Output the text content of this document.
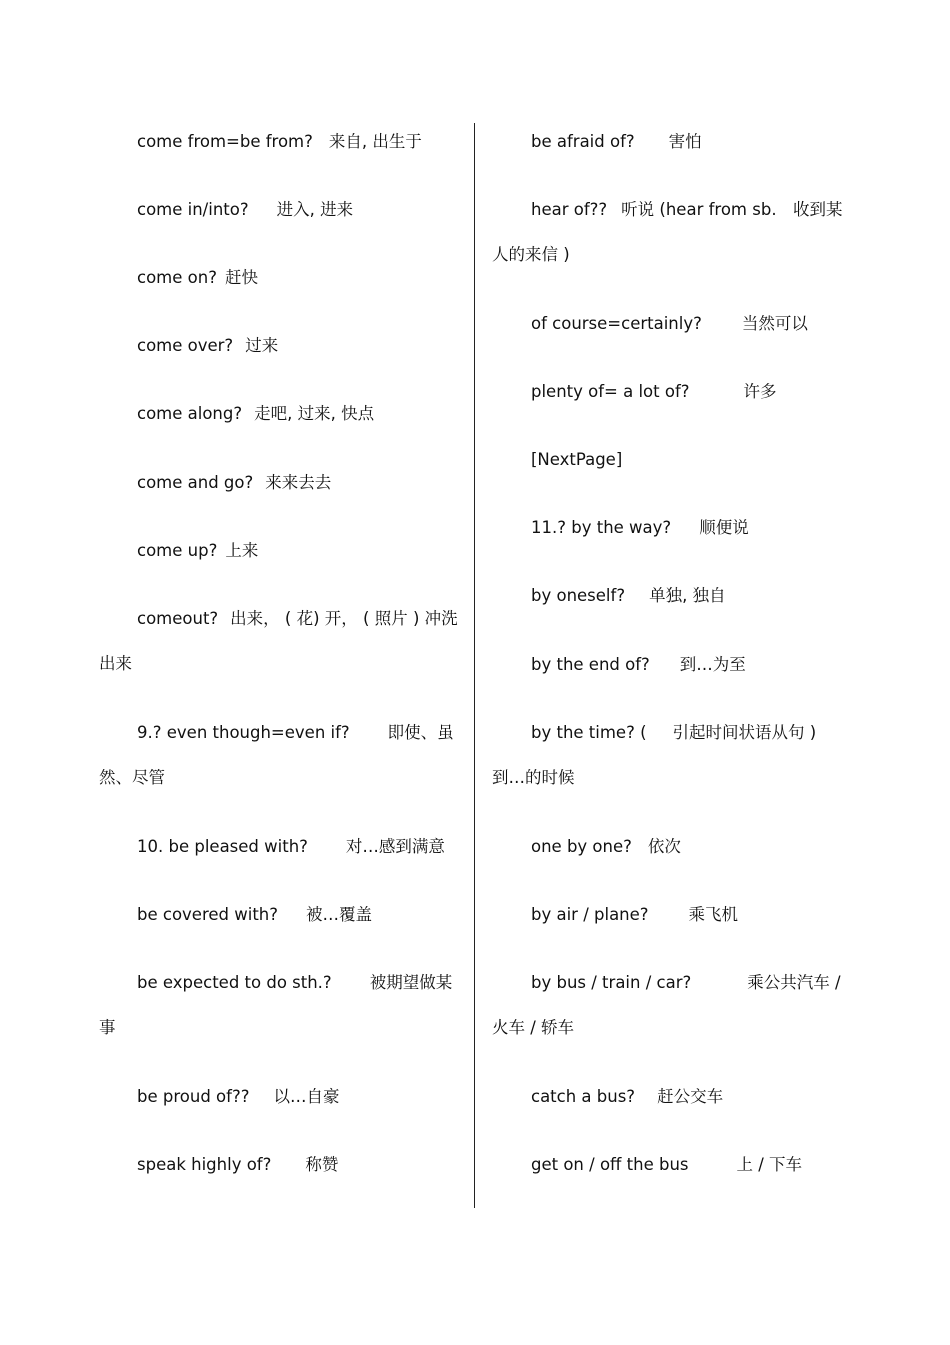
come from=be from? 来自, 出生于
come in/into? 进入, 进来
come on? 赶快
come over? 过来
come along? 走吧, 过来, 快点
come and go? 来来去去
come up? 上来
comeout? 出来， ( 花) 开， ( 照片 ) 冲洗
出来
9.? even though=even if? 即使、虽
然、尽管
10. be pleased with? 对…感到满意
be covered with? 被…覆盖
be expected to do sth.? 被期望做某
事
be proud of?? 以…自豪
speak highly of? 称赞
be afraid of? 害怕
hear of?? 听说 (hear from sb.　收到某
人的来信 )
of course=certainly? 当然可以
plenty of= a lot of?	许多
[NextPage]
11.? by the way? 顺便说
by oneself? 单独, 独自
by the end of? 到…为至
by the time? ( 引起时间状语从句 )
到…的时候
one by one? 依次
by air / plane? 乘飞机
by bus / train / car?	乘公共汽车 /
火车 / 轿车
catch a bus? 赶公交车
get on / off the bus	上 / 下车
